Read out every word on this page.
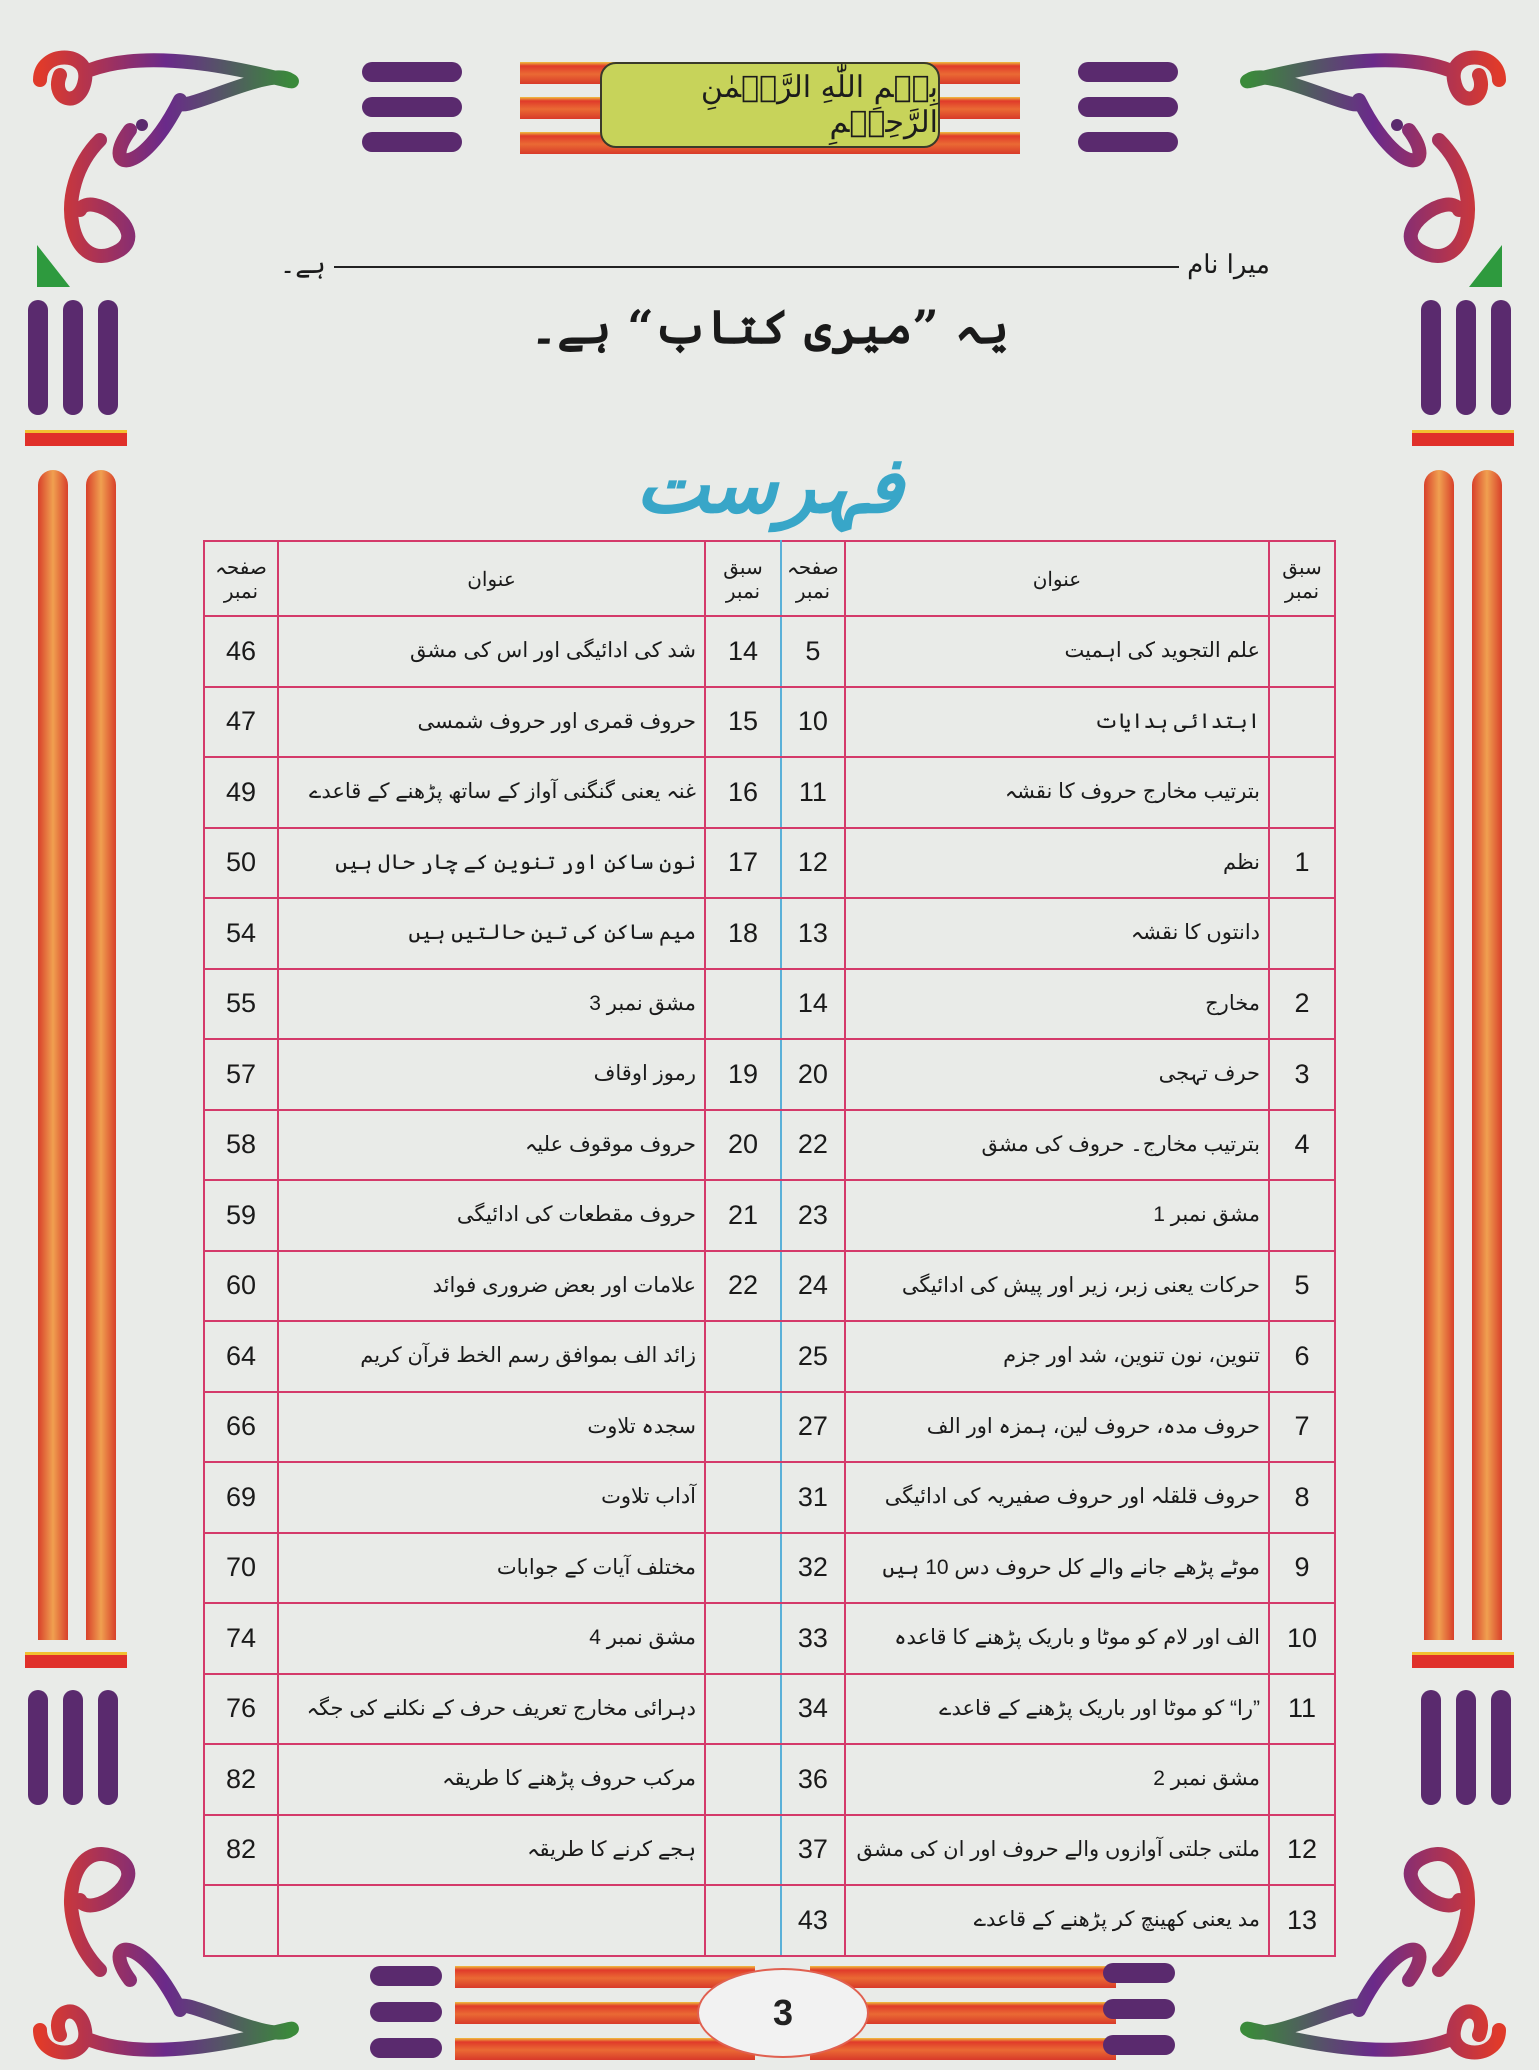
بِسۡمِ اللّٰهِ الرَّحۡمٰنِ الرَّحِیۡمِ
میرا نام
ہے۔
یہ ”میری کتاب“ ہے۔
فہرست
صفحہ نمبر	عنوان	سبق نمبر	صفحہ نمبر	عنوان	سبق نمبر
46	شد کی ادائیگی اور اس کی مشق	14	5	علم التجوید کی اہمیت	
47	حروف قمری اور حروف شمسی	15	10	ابتدائی ہدایات	
49	غنہ یعنی گنگنی آواز کے ساتھ پڑھنے کے قاعدے	16	11	بترتیب مخارج حروف کا نقشہ	
50	نون ساکن اور تنوین کے چار حال ہیں	17	12	نظم	1
54	میم ساکن کی تین حالتیں ہیں	18	13	دانتوں کا نقشہ	
55	مشق نمبر 3		14	مخارج	2
57	رموز اوقاف	19	20	حرف تہجی	3
58	حروف موقوف علیہ	20	22	بترتیب مخارج۔ حروف کی مشق	4
59	حروف مقطعات کی ادائیگی	21	23	مشق نمبر 1	
60	علامات اور بعض ضروری فوائد	22	24	حرکات یعنی زبر، زیر اور پیش کی ادائیگی	5
64	زائد الف بموافق رسم الخط قرآن کریم		25	تنوین، نون تنوین، شد اور جزم	6
66	سجدہ تلاوت		27	حروف مدہ، حروف لین، ہمزہ اور الف	7
69	آداب تلاوت		31	حروف قلقلہ اور حروف صفیریہ کی ادائیگی	8
70	مختلف آیات کے جوابات		32	موٹے پڑھے جانے والے کل حروف دس 10 ہیں	9
74	مشق نمبر 4		33	الف اور لام کو موٹا و باریک پڑھنے کا قاعدہ	10
76	دہرائی مخارج تعریف حرف کے نکلنے کی جگہ		34	”را“ کو موٹا اور باریک پڑھنے کے قاعدے	11
82	مرکب حروف پڑھنے کا طریقہ		36	مشق نمبر 2	
82	ہجے کرنے کا طریقہ		37	ملتی جلتی آوازوں والے حروف اور ان کی مشق	12
			43	مد یعنی کھینچ کر پڑھنے کے قاعدے	13
3
